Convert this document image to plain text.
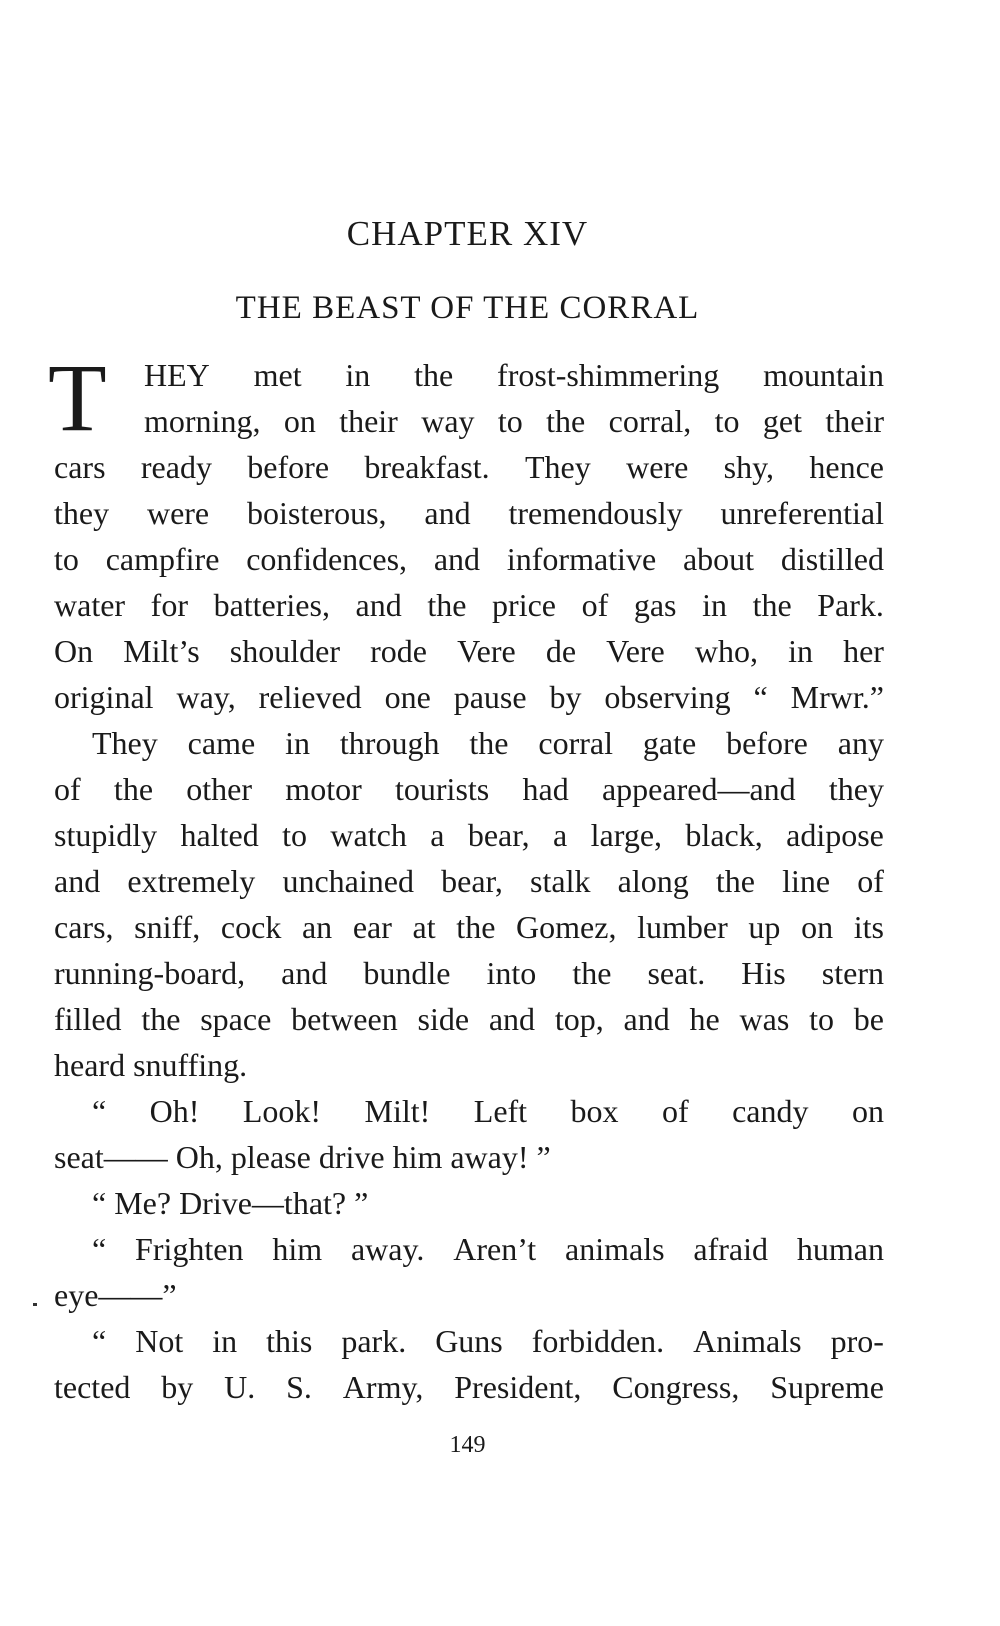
CHAPTER XIV
THE BEAST OF THE CORRAL
T HEY met in the frost-shimmering mountain
morning, on their way to the corral, to get their
cars ready before breakfast. They were shy, hence
they were boisterous, and tremendously unreferential
to campfire confidences, and informative about distilled
water for batteries, and the price of gas in the Park.
On Milt’s shoulder rode Vere de Vere who, in her
original way, relieved one pause by observing “ Mrwr.”
They came in through the corral gate before any
of the other motor tourists had appeared—and they
stupidly halted to watch a bear, a large, black, adipose
and extremely unchained bear, stalk along the line of
cars, sniff, cock an ear at the Gomez, lumber up on its
running-board, and bundle into the seat. His stern
filled the space between side and top, and he was to be
heard snuffing.
“ Oh! Look! Milt! Left box of candy on
seat—— Oh, please drive him away! ”
“ Me? Drive—that? ”
“ Frighten him away. Aren’t animals afraid human
eye——”
“ Not in this park. Guns forbidden. Animals pro-
tected by U. S. Army, President, Congress, Supreme
149
